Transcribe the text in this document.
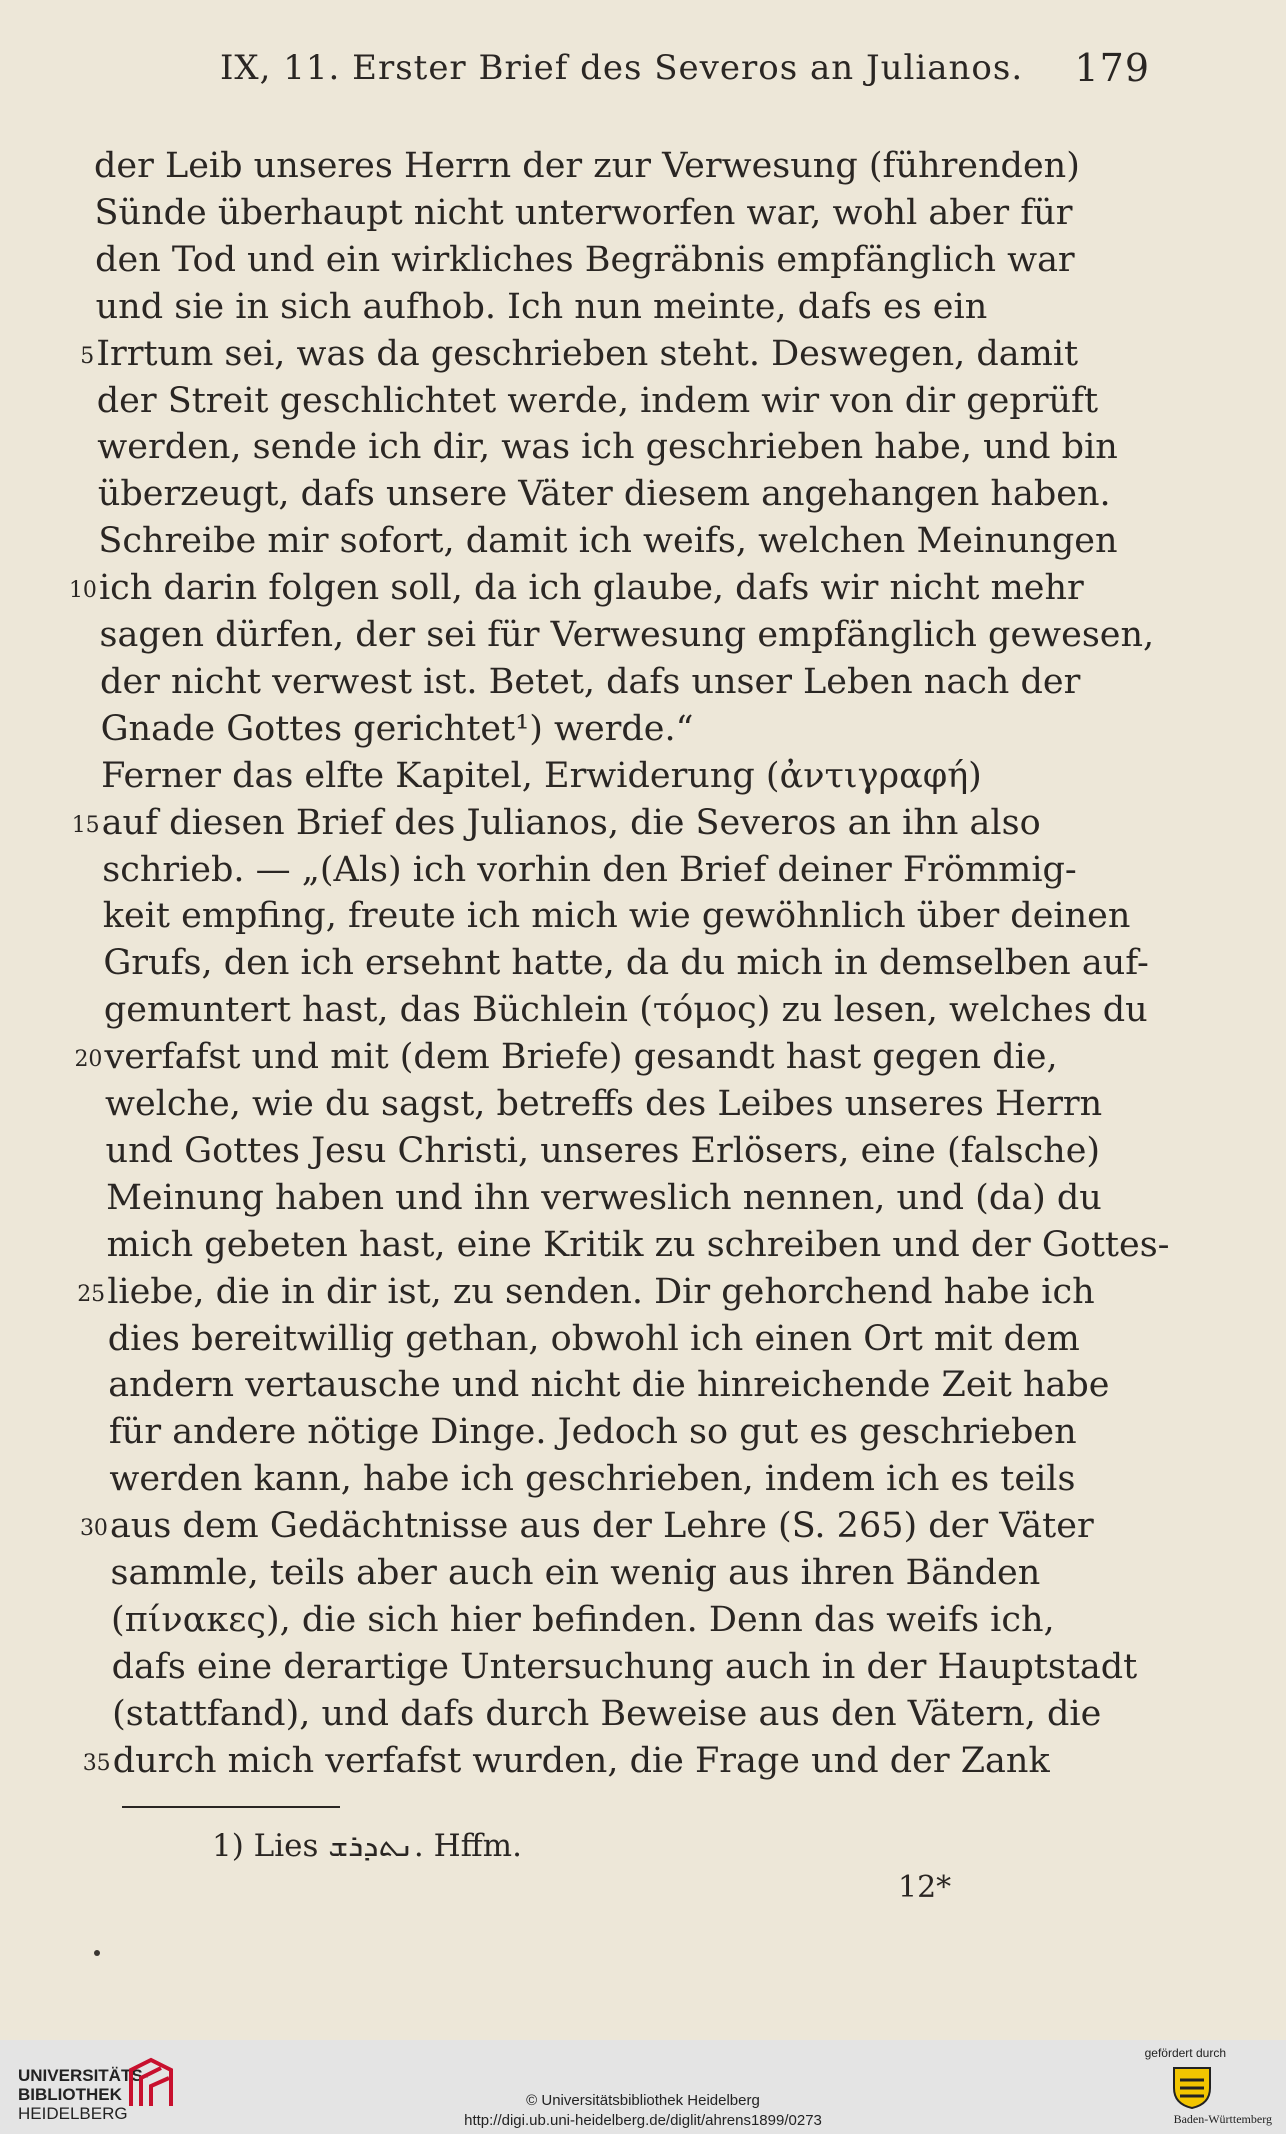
IX, 11. Erster Brief des Severos an Julianos. 179
der Leib unseres Herrn der zur Verwesung (führenden)
Sünde überhaupt nicht unterworfen war, wohl aber für
den Tod und ein wirkliches Begräbnis empfänglich war
und sie in sich aufhob. Ich nun meinte, dafs es ein
5 Irrtum sei, was da geschrieben steht. Deswegen, damit
der Streit geschlichtet werde, indem wir von dir geprüft
werden, sende ich dir, was ich geschrieben habe, und bin
überzeugt, dafs unsere Väter diesem angehangen haben.
Schreibe mir sofort, damit ich weifs, welchen Meinungen
10 ich darin folgen soll, da ich glaube, dafs wir nicht mehr
sagen dürfen, der sei für Verwesung empfänglich gewesen,
der nicht verwest ist. Betet, dafs unser Leben nach der
Gnade Gottes gerichtet¹) werde.“
Ferner das elfte Kapitel, Erwiderung (ἀντιγραφή)
15 auf diesen Brief des Julianos, die Severos an ihn also
schrieb. — „(Als) ich vorhin den Brief deiner Frömmig-
keit empfing, freute ich mich wie gewöhnlich über deinen
Grufs, den ich ersehnt hatte, da du mich in demselben auf-
gemuntert hast, das Büchlein (τόμος) zu lesen, welches du
20 verfafst und mit (dem Briefe) gesandt hast gegen die,
welche, wie du sagst, betreffs des Leibes unseres Herrn
und Gottes Jesu Christi, unseres Erlösers, eine (falsche)
Meinung haben und ihn verweslich nennen, und (da) du
mich gebeten hast, eine Kritik zu schreiben und der Gottes-
25 liebe, die in dir ist, zu senden. Dir gehorchend habe ich
dies bereitwillig gethan, obwohl ich einen Ort mit dem
andern vertausche und nicht die hinreichende Zeit habe
für andere nötige Dinge. Jedoch so gut es geschrieben
werden kann, habe ich geschrieben, indem ich es teils
30 aus dem Gedächtnisse aus der Lehre (S. 265) der Väter
sammle, teils aber auch ein wenig aus ihren Bänden
(πίνακες), die sich hier befinden. Denn das weifs ich,
dafs eine derartige Untersuchung auch in der Hauptstadt
(stattfand), und dafs durch Beweise aus den Vätern, die
35 durch mich verfafst wurden, die Frage und der Zank
1) Lies ܢܬܕܪܫ. Hffm.
12*
UNIVERSITÄTS-
BIBLIOTHEK
HEIDELBERG
© Universitätsbibliothek Heidelberg
http://digi.ub.uni-heidelberg.de/diglit/ahrens1899/0273
gefördert durch
Baden-Württemberg
